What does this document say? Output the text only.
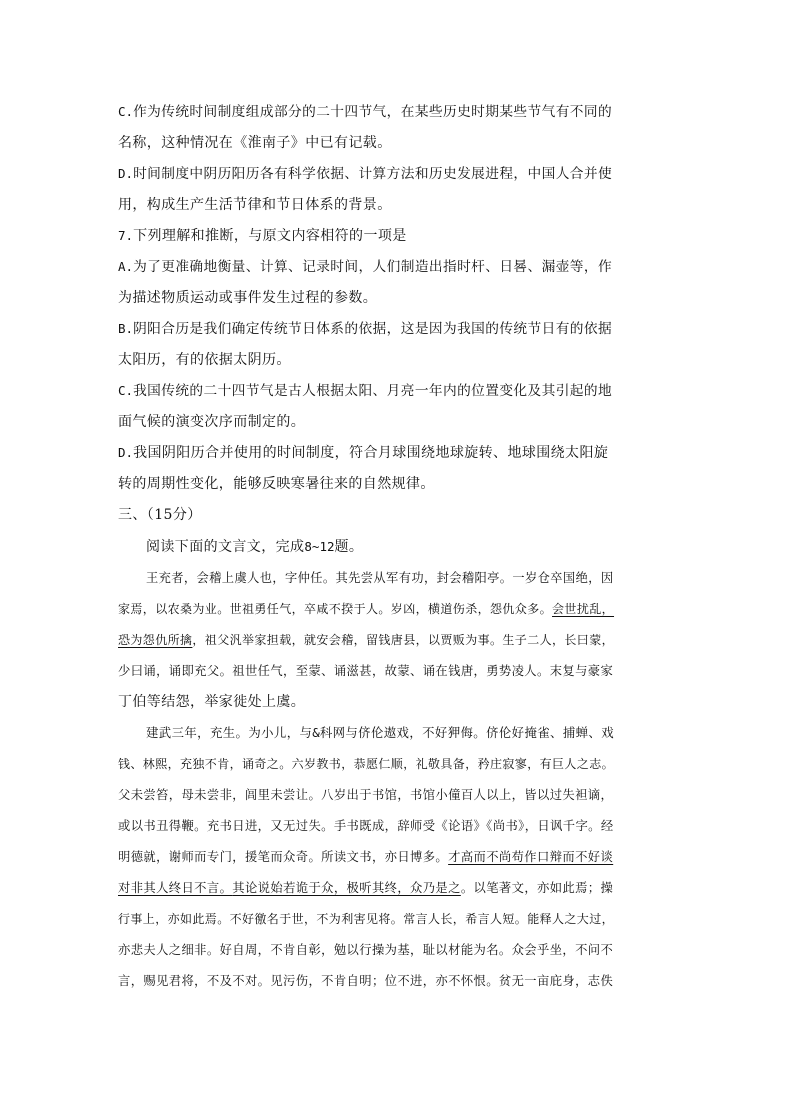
C.作为传统时间制度组成部分的二十四节气，在某些历史时期某些节气有不同的

名称，这种情况在《淮南子》中已有记载。

D.时间制度中阴历阳历各有科学依据、计算方法和历史发展进程，中国人合并使

用，构成生产生活节律和节日体系的背景。

7.下列理解和推断，与原文内容相符的一项是

A.为了更准确地衡量、计算、记录时间，人们制造出指时杆、日晷、漏壶等，作

为描述物质运动或事件发生过程的参数。

B.阴阳合历是我们确定传统节日体系的依据，这是因为我国的传统节日有的依据

太阳历，有的依据太阴历。

C.我国传统的二十四节气是古人根据太阳、月亮一年内的位置变化及其引起的地

面气候的演变次序而制定的。

D.我国阴阳历合并使用的时间制度，符合月球围绕地球旋转、地球围绕太阳旋

转的周期性变化，能够反映寒暑往来的自然规律。

三、（15分）

阅读下面的文言文，完成8~12题。

王充者，会稽上虞人也，字仲任。其先尝从军有功，封会稽阳亭。一岁仓卒国绝，因

家焉，以农桑为业。世祖勇任气，卒咸不揆于人。岁凶，横道伤杀，怨仇众多。会世扰乱，

恐为怨仇所擒，祖父汎举家担载，就安会稽，留钱唐县，以贾贩为事。生子二人，长曰蒙，

少曰诵，诵即充父。祖世任气，至蒙、诵滋甚，故蒙、诵在钱唐，勇势凌人。末复与豪家

丁伯等结怨，举家徙处上虞。

建武三年，充生。为小儿，与&科网与侪伦遨戏，不好狎侮。侪伦好掩雀、捕蝉、戏

钱、林熙，充独不肯，诵奇之。六岁教书，恭愿仁顺，礼敬具备，矜庄寂寥，有巨人之志。

父未尝笞，母未尝非，闾里未尝让。八岁出于书馆，书馆小僮百人以上，皆以过失袒谪，

或以书丑得鞭。充书日进，又无过失。手书既成，辞师受《论语》《尚书》，日讽千字。经

明德就，谢师而专门，援笔而众奇。所读文书，亦日博多。才高而不尚苟作口辩而不好谈

对非其人终日不言。其论说始若诡于众，极听其终，众乃是之。以笔著文，亦如此焉；操

行事上，亦如此焉。不好徼名于世，不为利害见将。常言人长，希言人短。能释人之大过，

亦悲夫人之细非。好自周，不肯自彰，勉以行操为基，耻以材能为名。众会乎坐，不问不

言，赐见君将，不及不对。见污伤，不肯自明；位不进，亦不怀恨。贫无一亩庇身，志佚
